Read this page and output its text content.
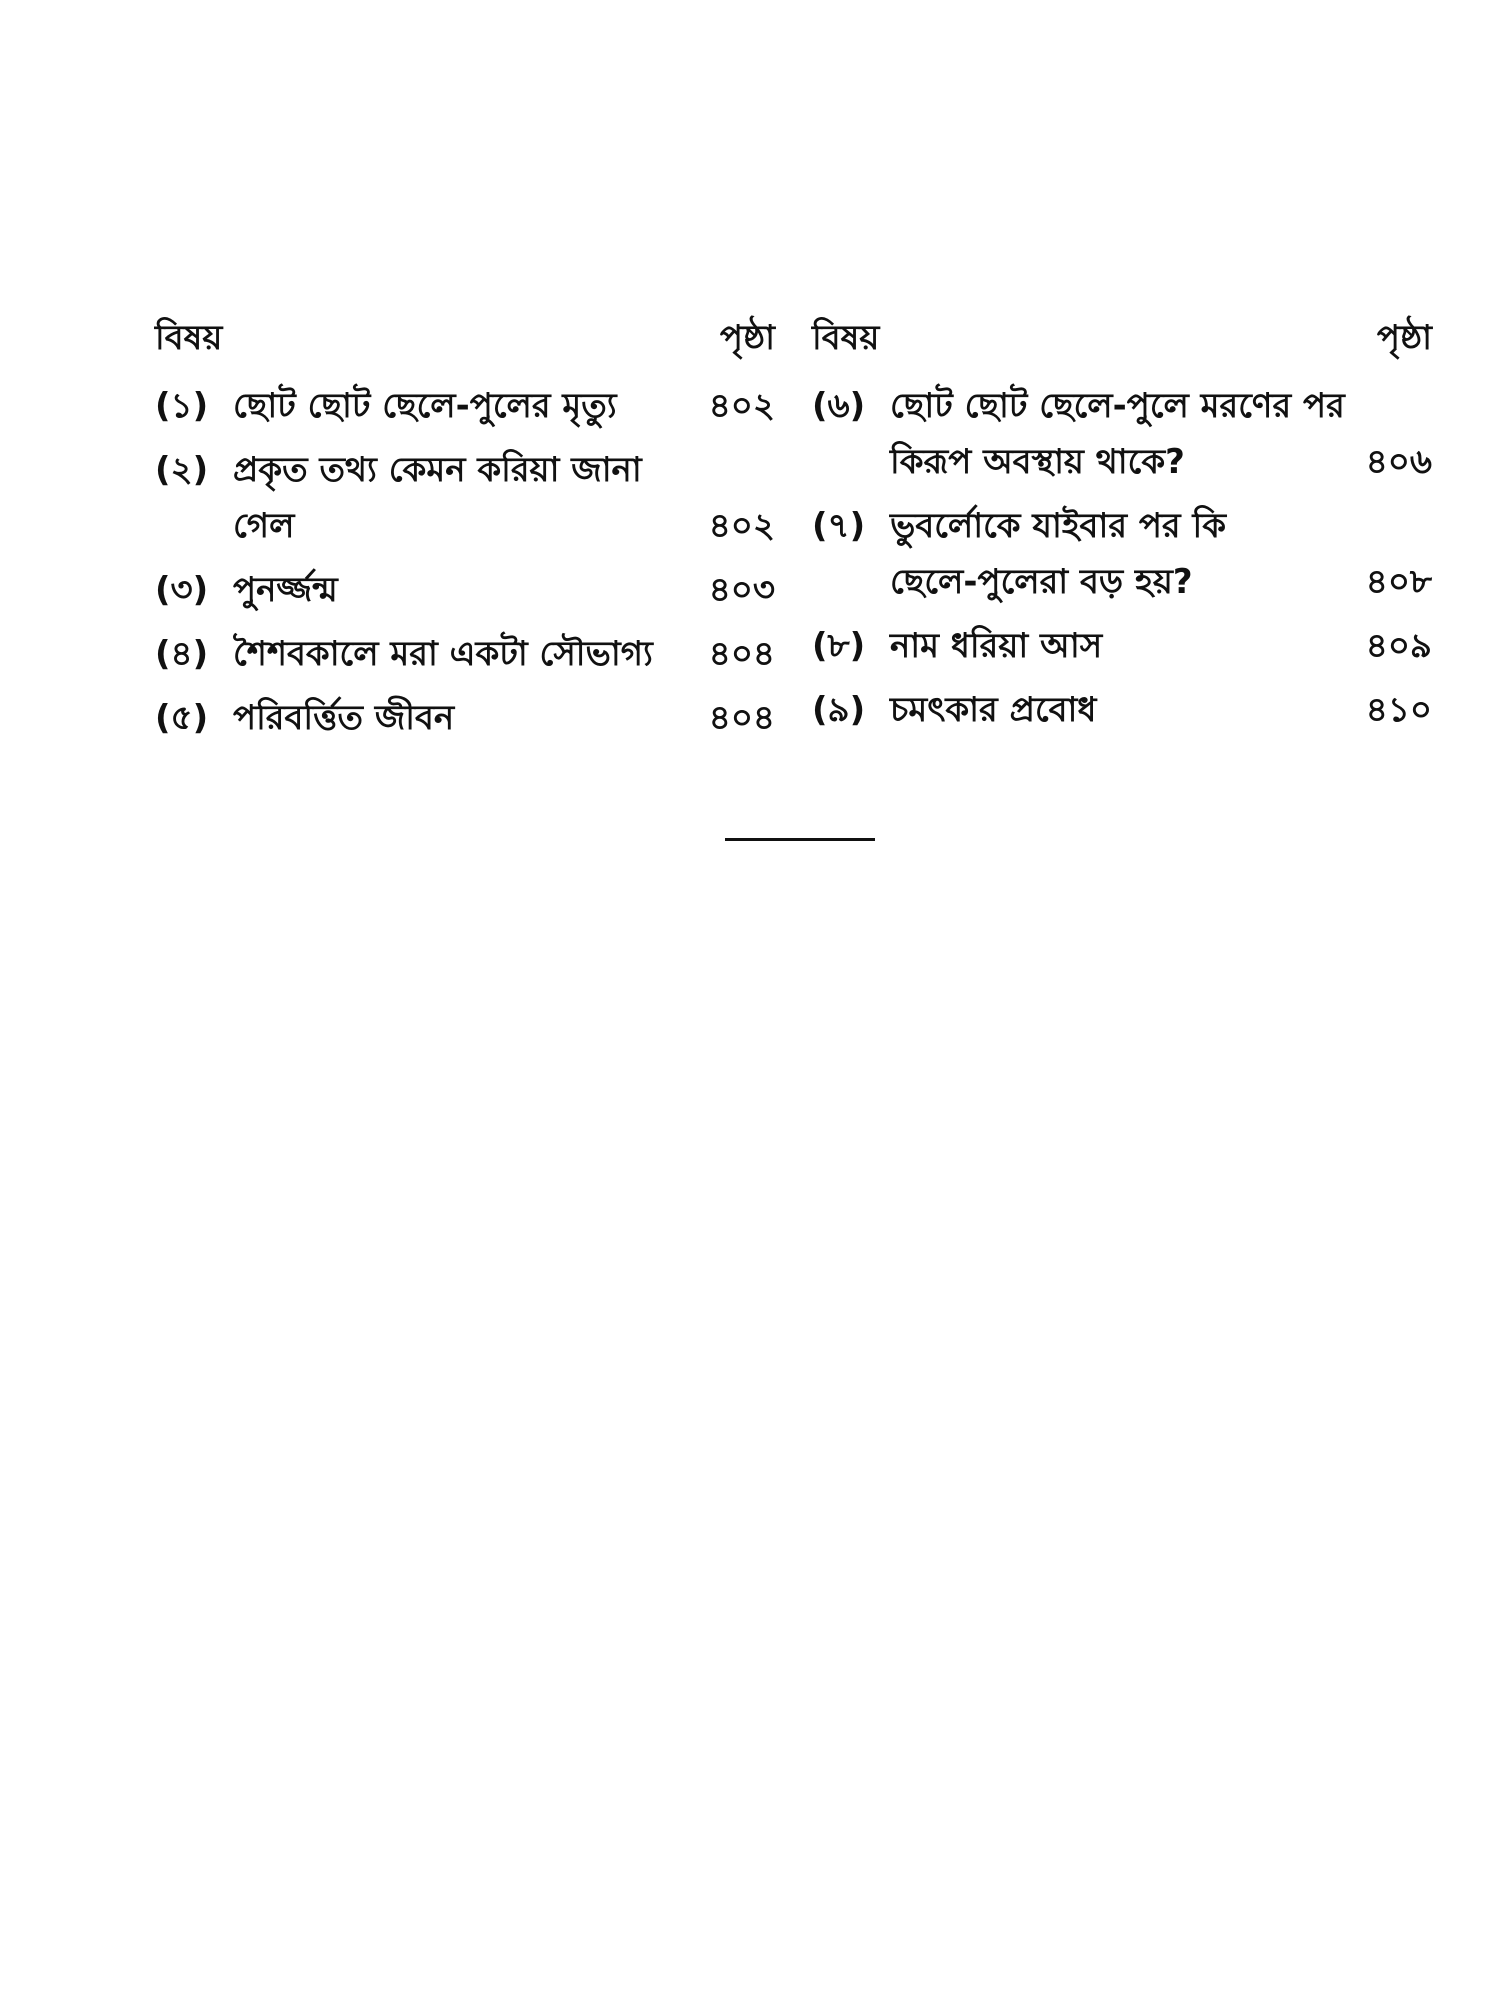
বিষয়	পৃষ্ঠা
(১) ছোট ছোট ছেলে-পুলের মৃত্যু	৪০২
(২) প্রকৃত তথ্য কেমন করিয়া জানা
গেল	৪০২
(৩) পুনর্জ্জন্ম	৪০৩
(৪) শৈশবকালে মরা একটা সৌভাগ্য	৪০৪
(৫) পরিবর্ত্তিত জীবন	৪০৪
বিষয়	পৃষ্ঠা
(৬) ছোট ছোট ছেলে-পুলে মরণের পর
কিরূপ অবস্থায় থাকে?	৪০৬
(৭) ভুবর্লোকে যাইবার পর কি
ছেলে-পুলেরা বড় হয়?	৪০৮
(৮) নাম ধরিয়া আস	৪০৯
(৯) চমৎকার প্রবোধ	৪১০
